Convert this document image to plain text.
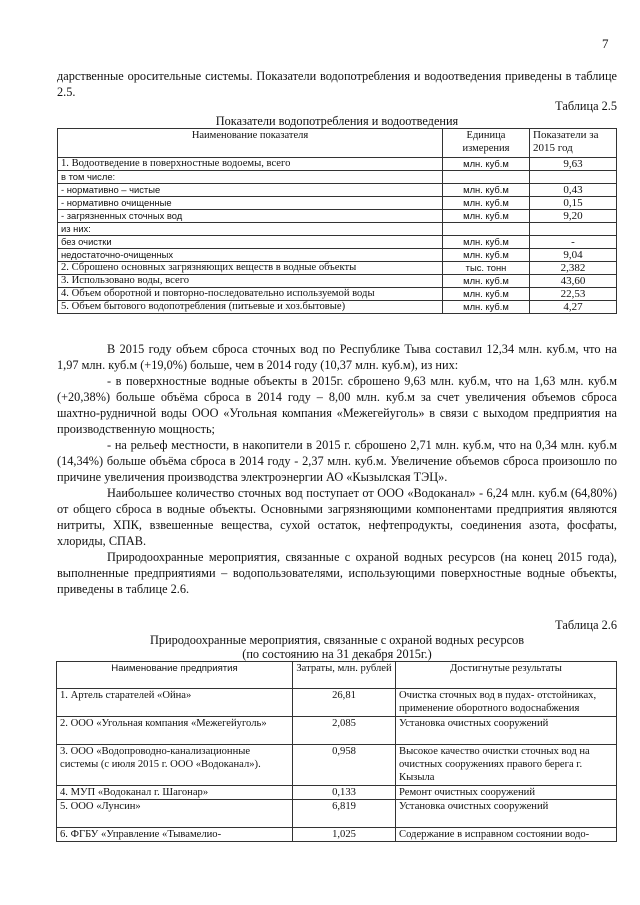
7
дарственные оросительные системы. Показатели водопотребления и водоотведения приведены в таблице 2.5.
Таблица 2.5
Показатели водопотребления и водоотведения
Наименование показателя	Единица измерения	Показатели за 2015 год
1. Водоотведение в поверхностные водоемы, всего	млн. куб.м	9,63
в том числе:		
- нормативно – чистые	млн. куб.м	0,43
- нормативно очищенные	млн. куб.м	0,15
- загрязненных сточных вод	млн. куб.м	9,20
из них:		
без очистки	млн. куб.м	-
недостаточно-очищенных	млн. куб.м	9,04
2. Сброшено основных загрязняющих веществ в водные объекты	тыс. тонн	2,382
3. Использовано воды, всего	млн. куб.м	43,60
4. Объем оборотной и повторно-последовательно используемой воды	млн. куб.м	22,53
5. Объем бытового водопотребления (питьевые и хоз.бытовые)	млн. куб.м	4,27
В 2015 году объем сброса сточных вод по Республике Тыва составил 12,34 млн. куб.м, что на 1,97 млн. куб.м (+19,0%) больше, чем в 2014 году (10,37 млн. куб.м), из них:
- в поверхностные водные объекты в 2015г. сброшено 9,63 млн. куб.м, что на 1,63 млн. куб.м (+20,38%) больше объёма сброса в 2014 году – 8,00 млн. куб.м за счет увеличения объемов сброса шахтно-рудничной воды ООО «Угольная компания «Межегейуголь» в связи с выходом предприятия на производственную мощность;
- на рельеф местности, в накопители в 2015 г. сброшено 2,71 млн. куб.м, что на 0,34 млн. куб.м (14,34%) больше объёма сброса в 2014 году - 2,37 млн. куб.м. Увеличение объемов сброса произошло по причине увеличения производства электроэнергии АО «Кызылская ТЭЦ».
Наибольшее количество сточных вод поступает от ООО «Водоканал» - 6,24 млн. куб.м (64,80%) от общего сброса в водные объекты. Основными загрязняющими компонентами предприятия являются нитриты, ХПК, взвешенные вещества, сухой остаток, нефтепродукты, соединения азота, фосфаты, хлориды, СПАВ.
Природоохранные мероприятия, связанные с охраной водных ресурсов (на конец 2015 года), выполненные предприятиями – водопользователями, использующими поверхностные водные объекты, приведены в таблице 2.6.
Таблица 2.6
Природоохранные мероприятия, связанные с охраной водных ресурсов
(по состоянию на 31 декабря 2015г.)
Наименование предприятия	Затраты, млн. рублей	Достигнутые результаты
1. Артель старателей «Ойна»	26,81	Очистка сточных вод в пудах- отстойниках, применение оборотного водоснабжения
2. ООО «Угольная компания «Межегейуголь»	2,085	Установка очистных сооружений
3. ООО «Водопроводно-канализационные системы (с июля 2015 г. ООО «Водоканал»).	0,958	Высокое качество очистки сточных вод на очистных сооружениях правого берега г. Кызыла
4. МУП «Водоканал г. Шагонар»	0,133	Ремонт очистных сооружений
5. ООО «Лунсин»	6,819	Установка очистных сооружений
6. ФГБУ «Управление «Тывамелио-	1,025	Содержание в исправном состоянии водо-
